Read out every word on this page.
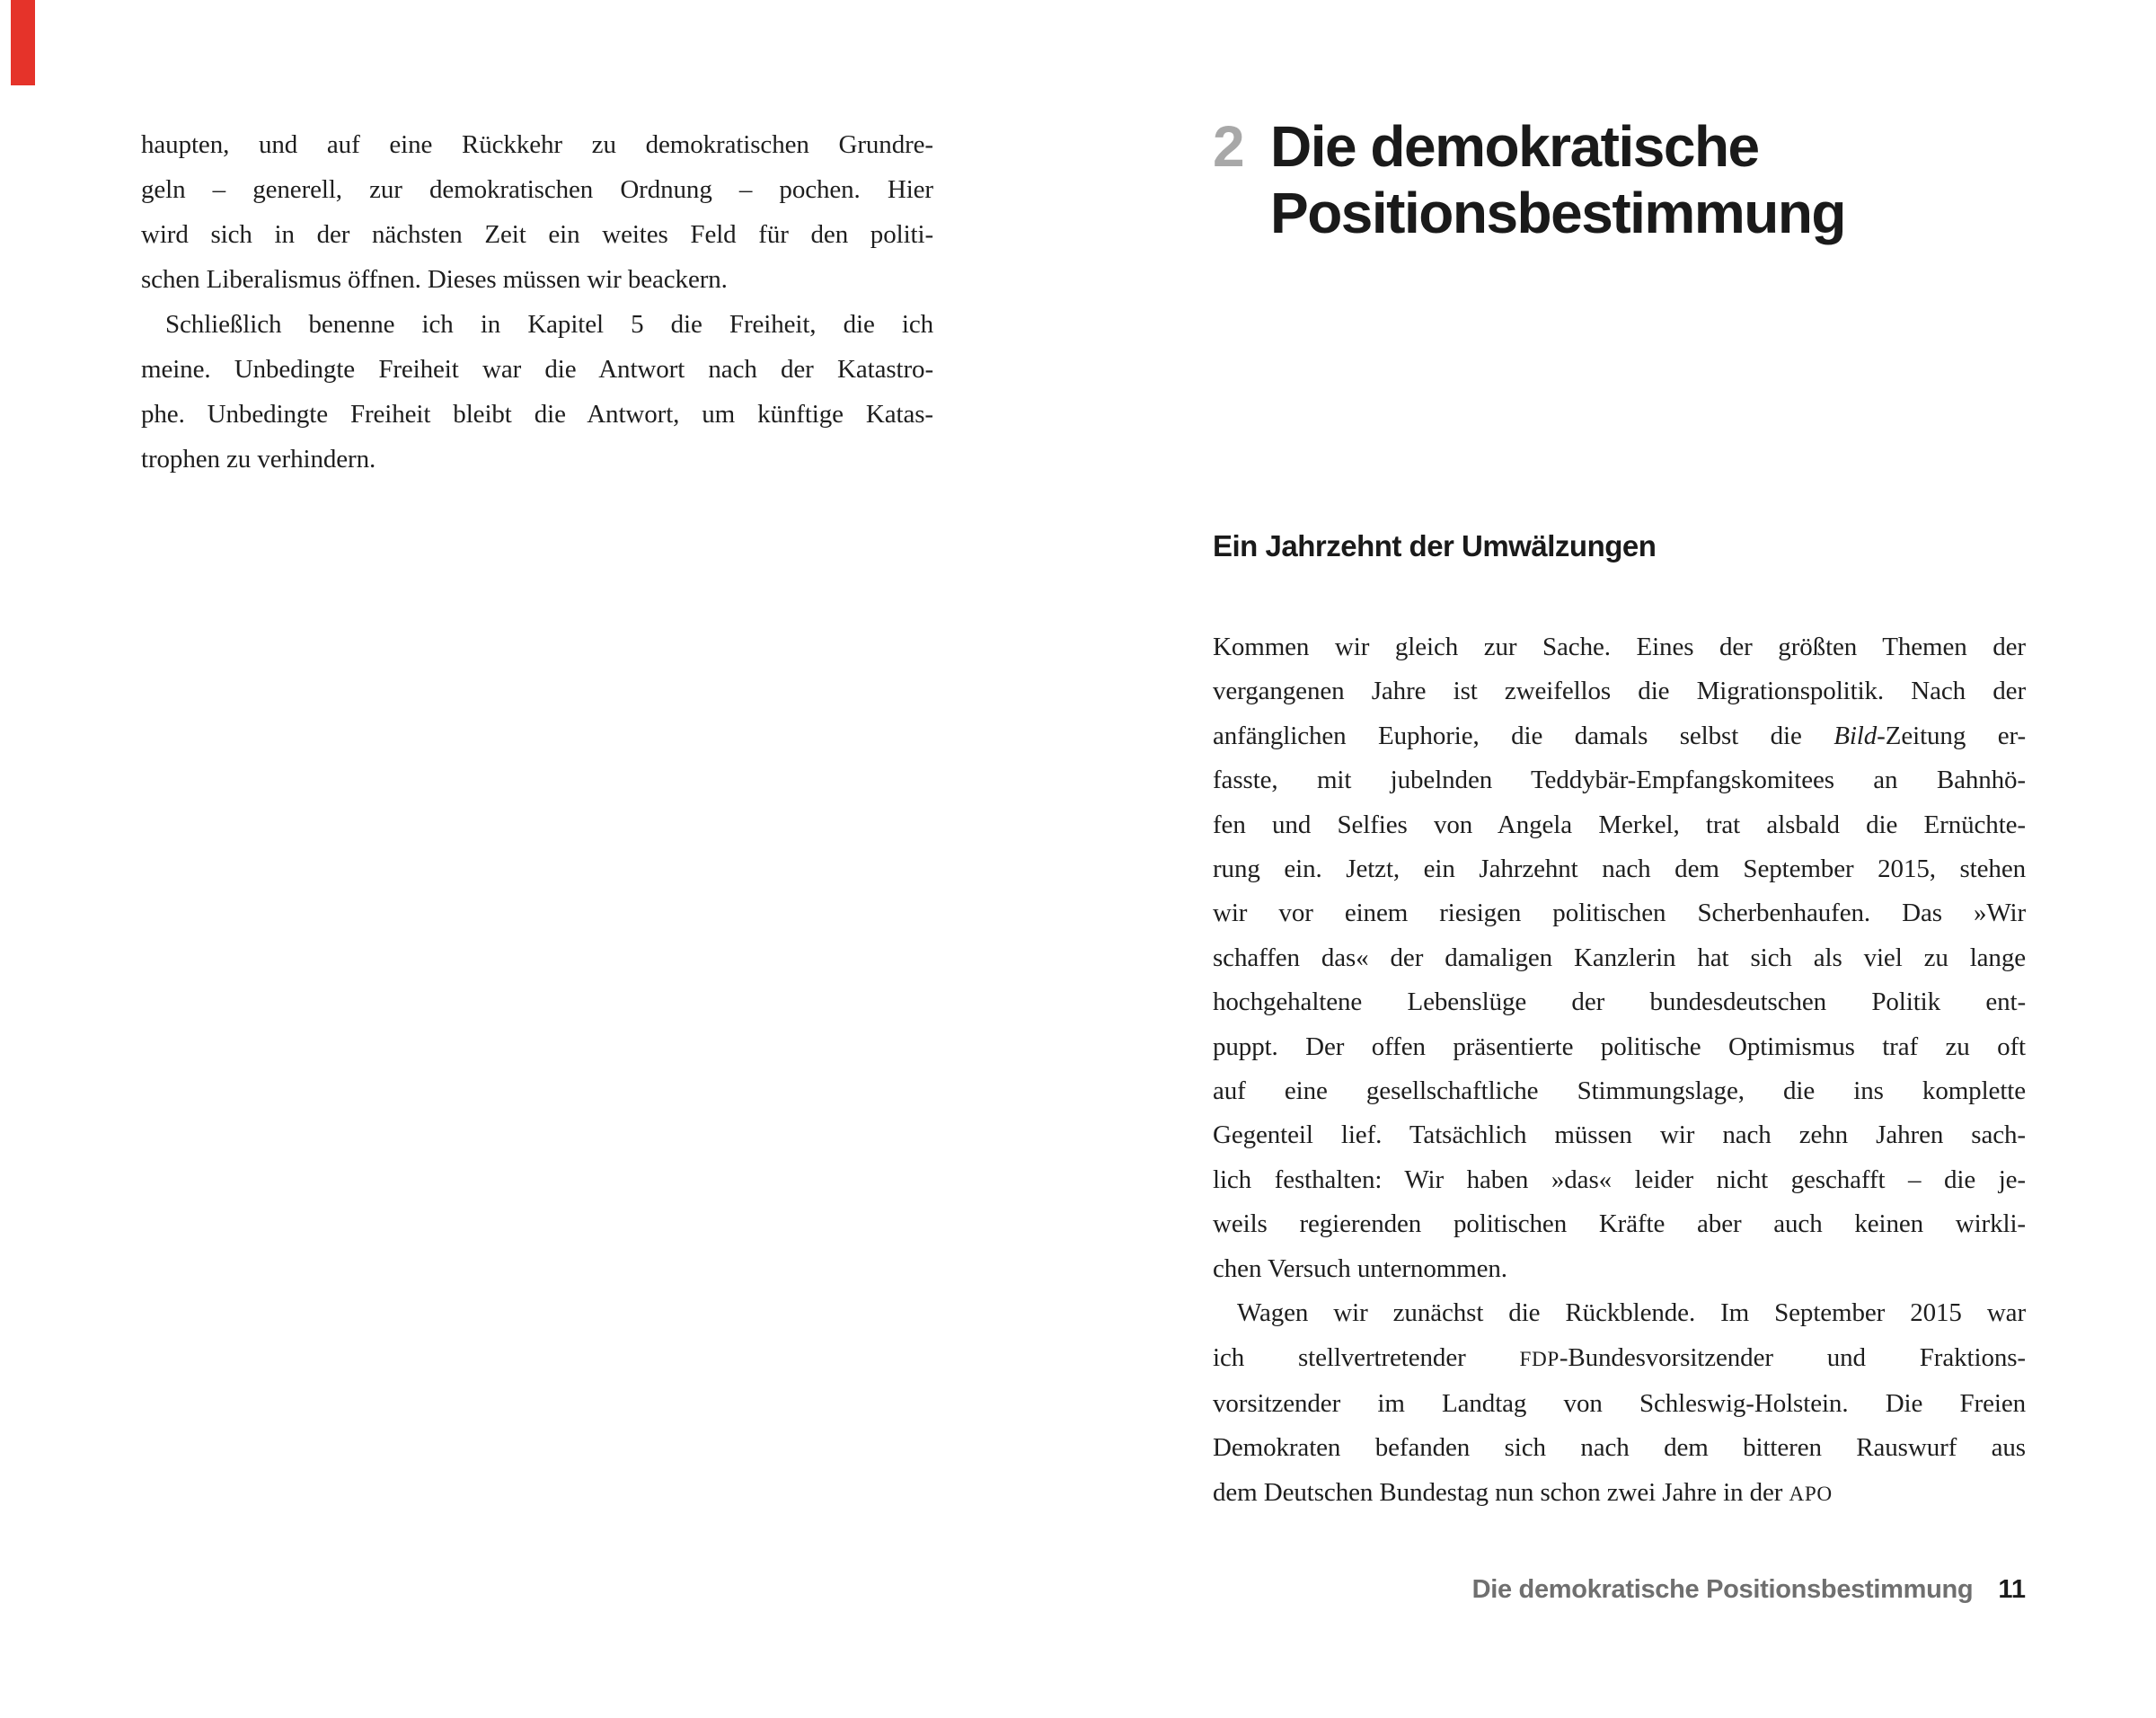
haupten, und auf eine Rückkehr zu demokratischen Grundre-
geln – generell, zur demokratischen Ordnung – pochen. Hier
wird sich in der nächsten Zeit ein weites Feld für den politi-
schen Liberalismus öffnen. Dieses müssen wir beackern.
Schließlich benenne ich in Kapitel 5 die Freiheit, die ich
meine. Unbedingte Freiheit war die Antwort nach der Katastro-
phe. Unbedingte Freiheit bleibt die Antwort, um künftige Katas-
trophen zu verhindern.
2 Die demokratische
Positionsbestimmung
Ein Jahrzehnt der Umwälzungen
Kommen wir gleich zur Sache. Eines der größten Themen der
vergangenen Jahre ist zweifellos die Migrationspolitik. Nach der
anfänglichen Euphorie, die damals selbst die Bild-Zeitung er-
fasste, mit jubelnden Teddybär-Empfangskomitees an Bahnhö-
fen und Selfies von Angela Merkel, trat alsbald die Ernüchte-
rung ein. Jetzt, ein Jahrzehnt nach dem September 2015, stehen
wir vor einem riesigen politischen Scherbenhaufen. Das »Wir
schaffen das« der damaligen Kanzlerin hat sich als viel zu lange
hochgehaltene Lebenslüge der bundesdeutschen Politik ent-
puppt. Der offen präsentierte politische Optimismus traf zu oft
auf eine gesellschaftliche Stimmungslage, die ins komplette
Gegenteil lief. Tatsächlich müssen wir nach zehn Jahren sach-
lich festhalten: Wir haben »das« leider nicht geschafft – die je-
weils regierenden politischen Kräfte aber auch keinen wirkli-
chen Versuch unternommen.
Wagen wir zunächst die Rückblende. Im September 2015 war
ich stellvertretender FDP-Bundesvorsitzender und Fraktions-
vorsitzender im Landtag von Schleswig-Holstein. Die Freien
Demokraten befanden sich nach dem bitteren Rauswurf aus
dem Deutschen Bundestag nun schon zwei Jahre in der APO
Die demokratische Positionsbestimmung 11
